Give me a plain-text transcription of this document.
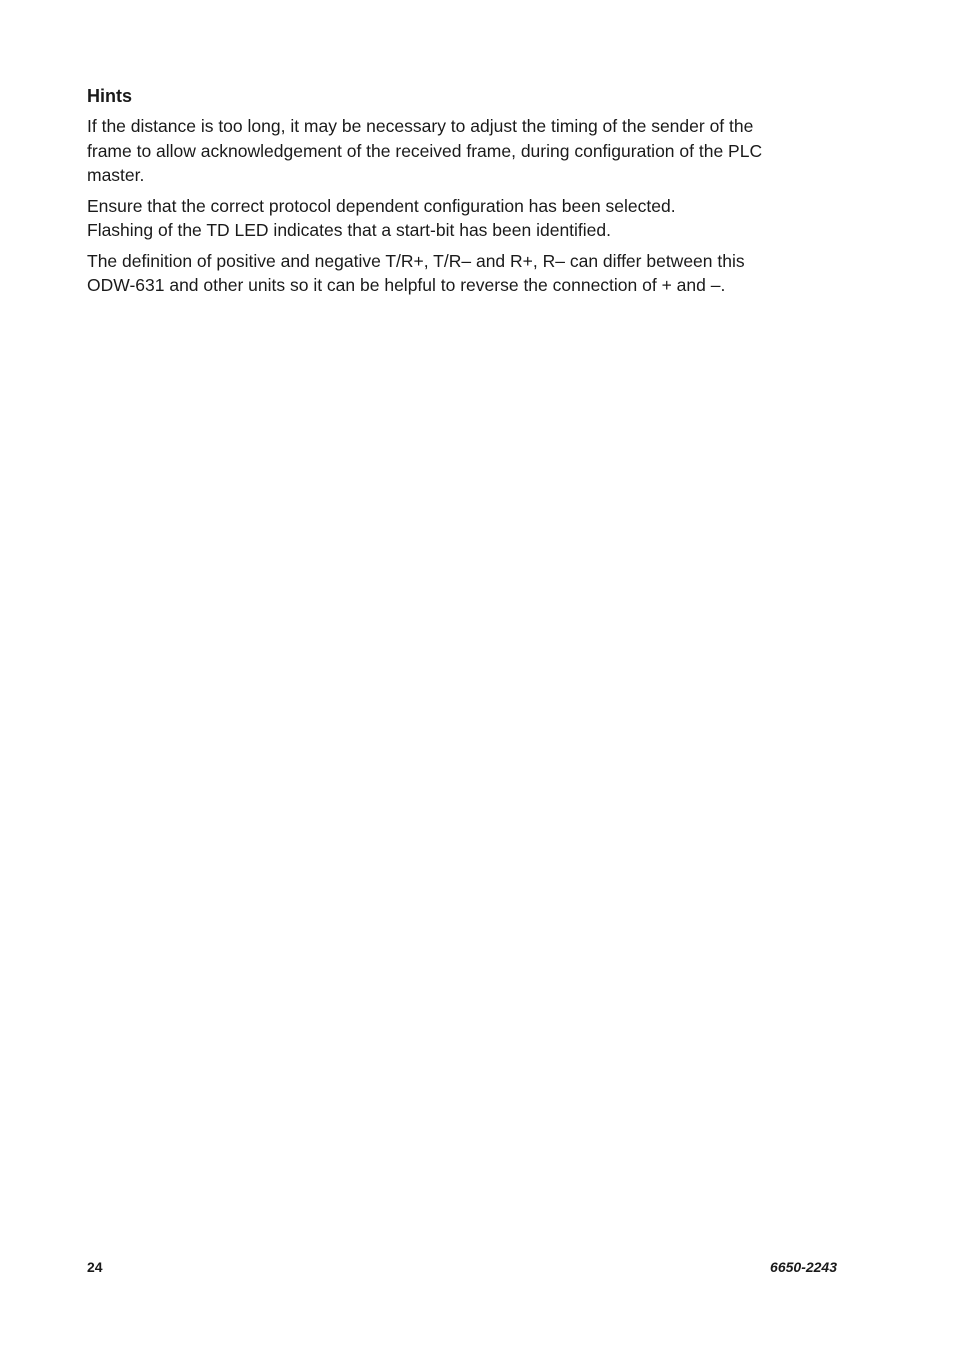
Hints
If the distance is too long, it may be necessary to adjust the timing of the sender of the
frame to allow acknowledgement of the received frame, during configuration of the PLC
master.
Ensure that the correct protocol dependent configuration has been selected.
Flashing of the TD LED indicates that a start-bit has been identified.
The definition of positive and negative T/R+, T/R– and R+, R– can differ between this
ODW-631 and other units so it can be helpful to reverse the connection of + and –.
24	6650-2243
